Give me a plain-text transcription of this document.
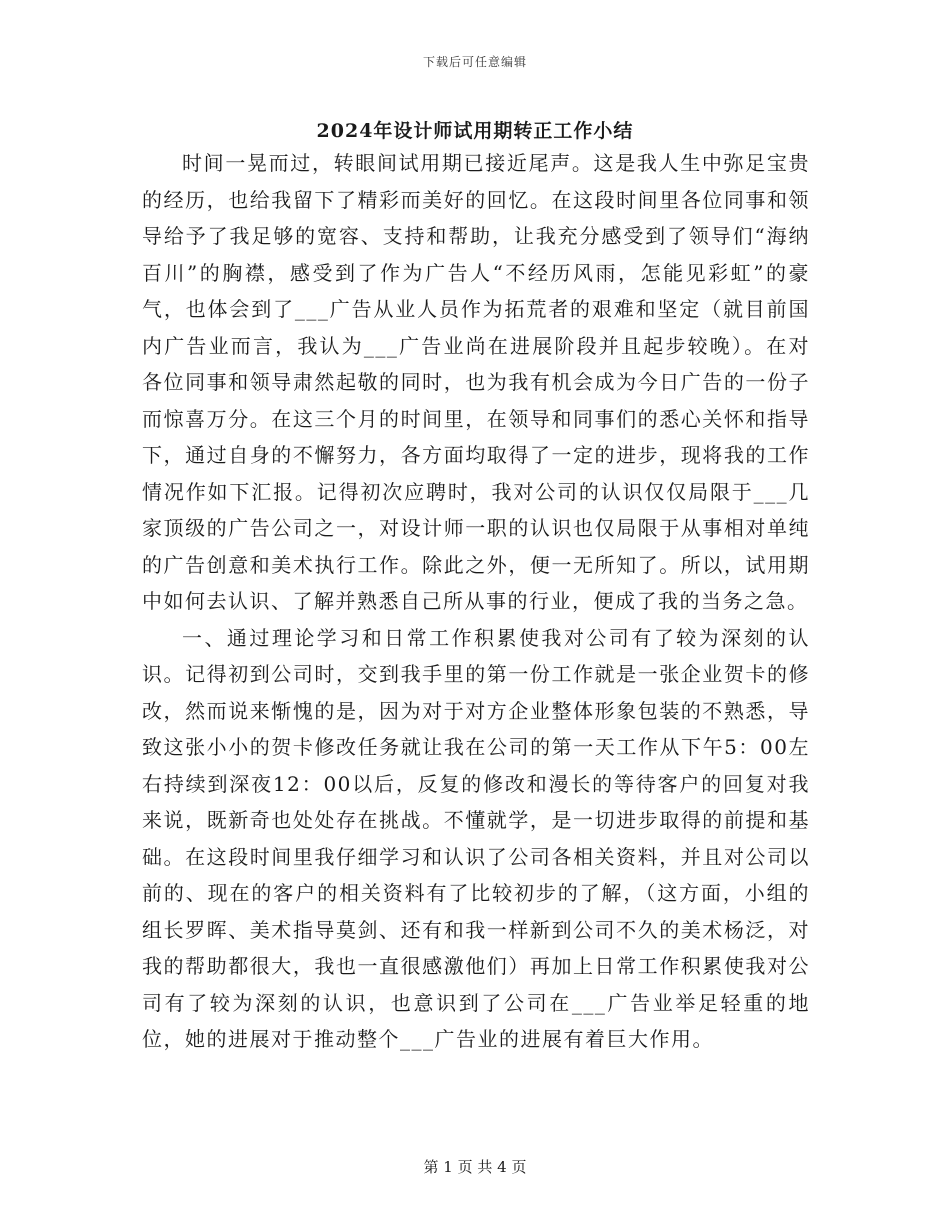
下载后可任意编辑
2024年设计师试用期转正工作小结

时间一晃而过，转眼间试用期已接近尾声。这是我人生中弥足宝贵的经历，也给我留下了精彩而美好的回忆。在这段时间里各位同事和领导给予了我足够的宽容、支持和帮助，让我充分感受到了领导们“海纳百川”的胸襟，感受到了作为广告人“不经历风雨，怎能见彩虹”的豪气，也体会到了___广告从业人员作为拓荒者的艰难和坚定（就目前国内广告业而言，我认为___广告业尚在进展阶段并且起步较晚）。在对各位同事和领导肃然起敬的同时，也为我有机会成为今日广告的一份子而惊喜万分。在这三个月的时间里，在领导和同事们的悉心关怀和指导下，通过自身的不懈努力，各方面均取得了一定的进步，现将我的工作情况作如下汇报。记得初次应聘时，我对公司的认识仅仅局限于___几家顶级的广告公司之一，对设计师一职的认识也仅局限于从事相对单纯的广告创意和美术执行工作。除此之外，便一无所知了。所以，试用期中如何去认识、了解并熟悉自己所从事的行业，便成了我的当务之急。

一、通过理论学习和日常工作积累使我对公司有了较为深刻的认识。记得初到公司时，交到我手里的第一份工作就是一张企业贺卡的修改，然而说来惭愧的是，因为对于对方企业整体形象包装的不熟悉，导致这张小小的贺卡修改任务就让我在公司的第一天工作从下午5：00左右持续到深夜12：00以后，反复的修改和漫长的等待客户的回复对我来说，既新奇也处处存在挑战。不懂就学，是一切进步取得的前提和基础。在这段时间里我仔细学习和认识了公司各相关资料，并且对公司以前的、现在的客户的相关资料有了比较初步的了解，（这方面，小组的组长罗晖、美术指导莫剑、还有和我一样新到公司不久的美术杨泛，对我的帮助都很大，我也一直很感激他们）再加上日常工作积累使我对公司有了较为深刻的认识，也意识到了公司在___广告业举足轻重的地位，她的进展对于推动整个___广告业的进展有着巨大作用。

第 1 页 共 4 页
